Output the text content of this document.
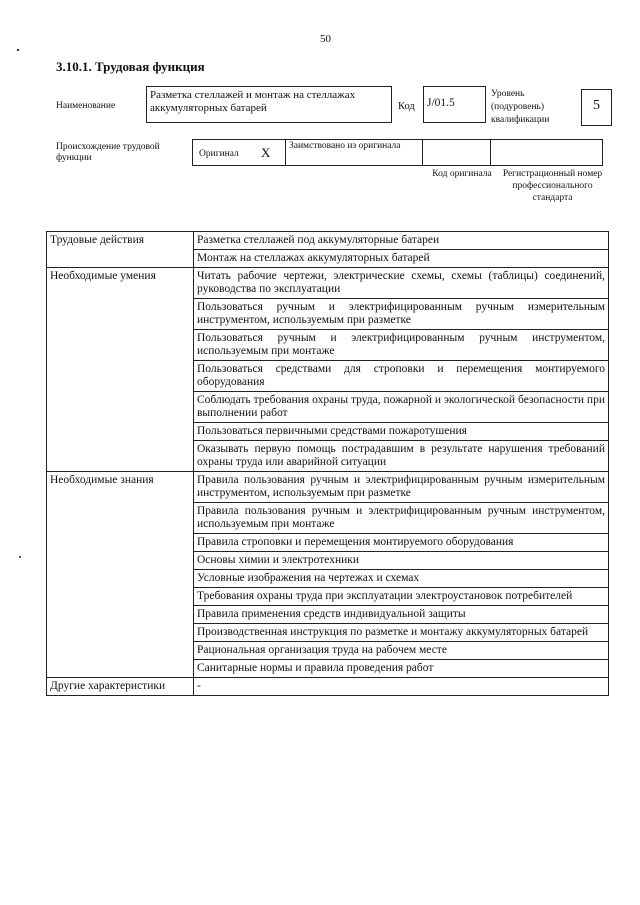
50
3.10.1. Трудовая функция
Наименование
Разметка стеллажей и монтаж на стеллажах аккумуляторных батарей	Код	J/01.5
Уровень (подуровень) квалификации
5
Происхождение трудовой функции	Оригинал X	Заимствовано из оригинала
Код оригинала	Регистрационный номер профессионального стандарта
Трудовые действия	Разметка стеллажей под аккумуляторные батареи
	Монтаж на стеллажах аккумуляторных батарей
Необходимые умения	Читать рабочие чертежи, электрические схемы, схемы (таблицы) соединений, руководства по эксплуатации
	Пользоваться ручным и электрифицированным ручным измерительным инструментом, используемым при разметке
	Пользоваться ручным и электрифицированным ручным инструментом, используемым при монтаже
	Пользоваться средствами для строповки и перемещения монтируемого оборудования
	Соблюдать требования охраны труда, пожарной и экологической безопасности при выполнении работ
	Пользоваться первичными средствами пожаротушения
	Оказывать первую помощь пострадавшим в результате нарушения требований охраны труда или аварийной ситуации
Необходимые знания	Правила пользования ручным и электрифицированным ручным измерительным инструментом, используемым при разметке
	Правила пользования ручным и электрифицированным ручным инструментом, используемым при монтаже
	Правила строповки и перемещения монтируемого оборудования
	Основы химии и электротехники
	Условные изображения на чертежах и схемах
	Требования охраны труда при эксплуатации электроустановок потребителей
	Правила применения средств индивидуальной защиты
	Производственная инструкция по разметке и монтажу аккумуляторных батарей
	Рациональная организация труда на рабочем месте
	Санитарные нормы и правила проведения работ
Другие характеристики	-
